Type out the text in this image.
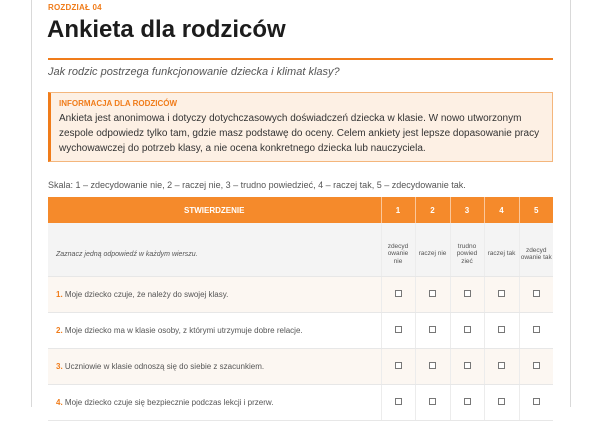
ROZDZIAŁ 04
Ankieta dla rodziców
Jak rodzic postrzega funkcjonowanie dziecka i klimat klasy?
INFORMACJA DLA RODZICÓW
Ankieta jest anonimowa i dotyczy dotychczasowych doświadczeń dziecka w klasie. W nowo utworzonym zespole odpowiedz tylko tam, gdzie masz podstawę do oceny. Celem ankiety jest lepsze dopasowanie pracy wychowawczej do potrzeb klasy, a nie ocena konkretnego dziecka lub nauczyciela.
Skala: 1 – zdecydowanie nie, 2 – raczej nie, 3 – trudno powiedzieć, 4 – raczej tak, 5 – zdecydowanie tak.
STWIERDZENIE	1	2	3	4	5
Zaznacz jedną odpowiedź w każdym wierszu.	zdecyd owanie nie	raczej nie	trudno powied zieć	raczej tak	zdecyd owanie tak
1. Moje dziecko czuje, że należy do swojej klasy.					
2. Moje dziecko ma w klasie osoby, z którymi utrzymuje dobre relacje.					
3. Uczniowie w klasie odnoszą się do siebie z szacunkiem.					
4. Moje dziecko czuje się bezpiecznie podczas lekcji i przerw.					
